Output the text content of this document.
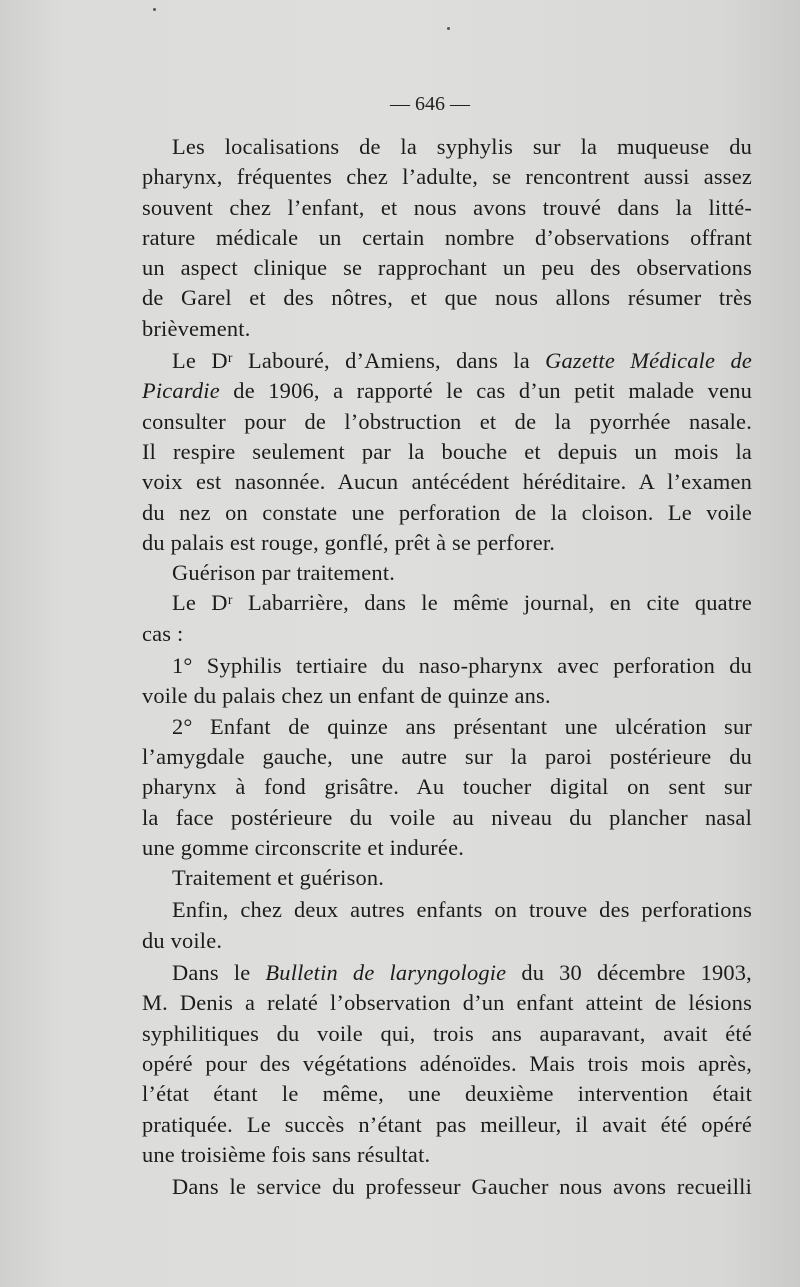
— 646 —
Les localisations de la syphylis sur la muqueuse du
pharynx, fréquentes chez l’adulte, se rencontrent aussi assez
souvent chez l’enfant, et nous avons trouvé dans la litté-
rature médicale un certain nombre d’observations offrant
un aspect clinique se rapprochant un peu des observations
de Garel et des nôtres, et que nous allons résumer très
brièvement.
Le Dʳ Labouré, d’Amiens, dans la Gazette Médicale de
Picardie de 1906, a rapporté le cas d’un petit malade venu
consulter pour de l’obstruction et de la pyorrhée nasale.
Il respire seulement par la bouche et depuis un mois la
voix est nasonnée. Aucun antécédent héréditaire. A l’examen
du nez on constate une perforation de la cloison. Le voile
du palais est rouge, gonflé, prêt à se perforer.
Guérison par traitement.
Le Dʳ Labarrière, dans le même journal, en cite quatre
cas :
1° Syphilis tertiaire du naso-pharynx avec perforation du
voile du palais chez un enfant de quinze ans.
2° Enfant de quinze ans présentant une ulcération sur
l’amygdale gauche, une autre sur la paroi postérieure du
pharynx à fond grisâtre. Au toucher digital on sent sur
la face postérieure du voile au niveau du plancher nasal
une gomme circonscrite et indurée.
Traitement et guérison.
Enfin, chez deux autres enfants on trouve des perforations
du voile.
Dans le Bulletin de laryngologie du 30 décembre 1903,
M. Denis a relaté l’observation d’un enfant atteint de lésions
syphilitiques du voile qui, trois ans auparavant, avait été
opéré pour des végétations adénoïdes. Mais trois mois après,
l’état étant le même, une deuxième intervention était
pratiquée. Le succès n’étant pas meilleur, il avait été opéré
une troisième fois sans résultat.
Dans le service du professeur Gaucher nous avons recueilli
